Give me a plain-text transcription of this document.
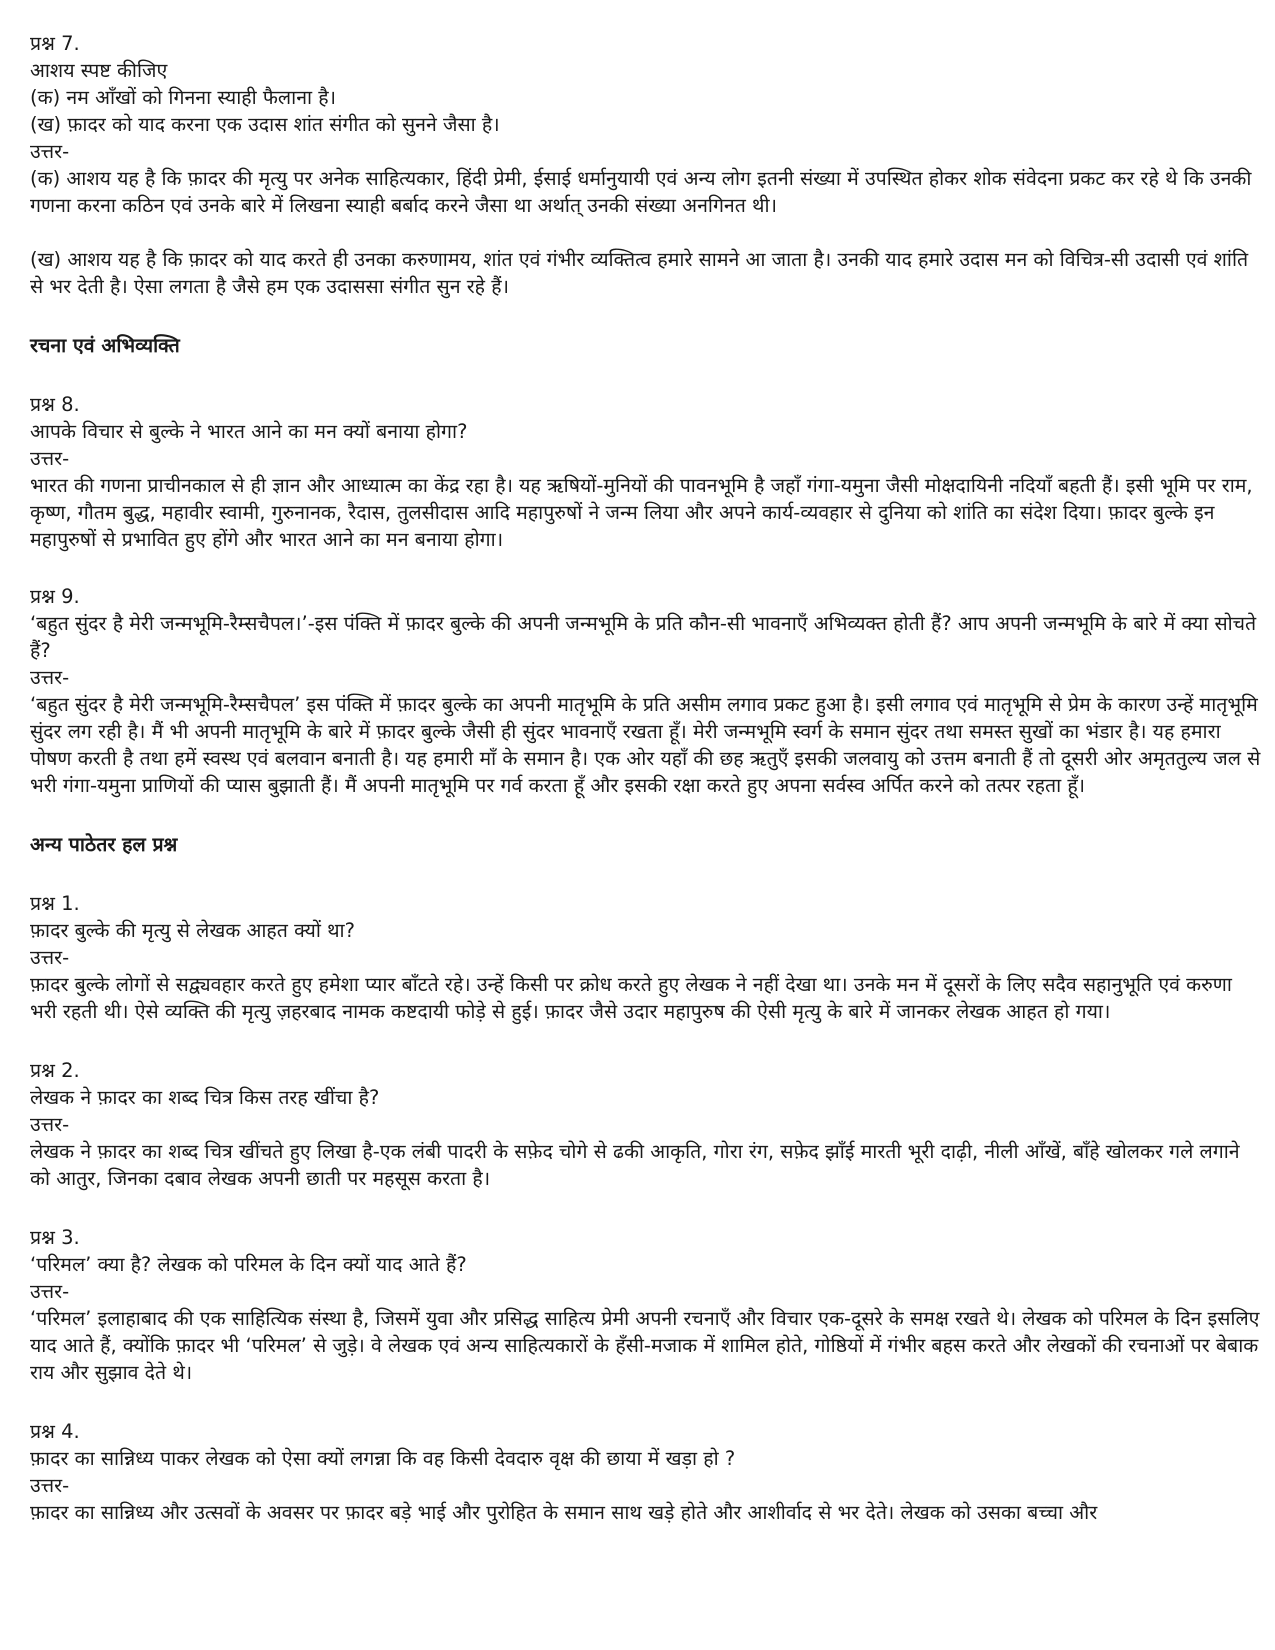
प्रश्न 7.

आशय स्पष्ट कीजिए

(क) नम आँखों को गिनना स्याही फैलाना है।

(ख) फ़ादर को याद करना एक उदास शांत संगीत को सुनने जैसा है।

उत्तर-

(क) आशय यह है कि फ़ादर की मृत्यु पर अनेक साहित्यकार, हिंदी प्रेमी, ईसाई धर्मानुयायी एवं अन्य लोग इतनी संख्या में उपस्थित होकर शोक संवेदना प्रकट कर रहे थे कि उनकी गणना करना कठिन एवं उनके बारे में लिखना स्याही बर्बाद करने जैसा था अर्थात् उनकी संख्या अनगिनत थी।

(ख) आशय यह है कि फ़ादर को याद करते ही उनका करुणामय, शांत एवं गंभीर व्यक्तित्व हमारे सामने आ जाता है। उनकी याद हमारे उदास मन को विचित्र-सी उदासी एवं शांति से भर देती है। ऐसा लगता है जैसे हम एक उदाससा संगीत सुन रहे हैं।

रचना एवं अभिव्यक्ति

प्रश्न 8.

आपके विचार से बुल्के ने भारत आने का मन क्यों बनाया होगा?

उत्तर-

भारत की गणना प्राचीनकाल से ही ज्ञान और आध्यात्म का केंद्र रहा है। यह ऋषियों-मुनियों की पावनभूमि है जहाँ गंगा-यमुना जैसी मोक्षदायिनी नदियाँ बहती हैं। इसी भूमि पर राम, कृष्ण, गौतम बुद्ध, महावीर स्वामी, गुरुनानक, रैदास, तुलसीदास आदि महापुरुषों ने जन्म लिया और अपने कार्य-व्यवहार से दुनिया को शांति का संदेश दिया। फ़ादर बुल्के इन महापुरुषों से प्रभावित हुए होंगे और भारत आने का मन बनाया होगा।

प्रश्न 9.

‘बहुत सुंदर है मेरी जन्मभूमि-रैम्सचैपल।’-इस पंक्ति में फ़ादर बुल्के की अपनी जन्मभूमि के प्रति कौन-सी भावनाएँ अभिव्यक्त होती हैं? आप अपनी जन्मभूमि के बारे में क्या सोचते हैं?

उत्तर-

‘बहुत सुंदर है मेरी जन्मभूमि-रैम्सचैपल’ इस पंक्ति में फ़ादर बुल्के का अपनी मातृभूमि के प्रति असीम लगाव प्रकट हुआ है। इसी लगाव एवं मातृभूमि से प्रेम के कारण उन्हें मातृभूमि सुंदर लग रही है। मैं भी अपनी मातृभूमि के बारे में फ़ादर बुल्के जैसी ही सुंदर भावनाएँ रखता हूँ। मेरी जन्मभूमि स्वर्ग के समान सुंदर तथा समस्त सुखों का भंडार है। यह हमारा पोषण करती है तथा हमें स्वस्थ एवं बलवान बनाती है। यह हमारी माँ के समान है। एक ओर यहाँ की छह ऋतुएँ इसकी जलवायु को उत्तम बनाती हैं तो दूसरी ओर अमृततुल्य जल से भरी गंगा-यमुना प्राणियों की प्यास बुझाती हैं। मैं अपनी मातृभूमि पर गर्व करता हूँ और इसकी रक्षा करते हुए अपना सर्वस्व अर्पित करने को तत्पर रहता हूँ।

अन्य पाठेतर हल प्रश्न

प्रश्न 1.

फ़ादर बुल्के की मृत्यु से लेखक आहत क्यों था?

उत्तर-

फ़ादर बुल्के लोगों से सद्व्यवहार करते हुए हमेशा प्यार बाँटते रहे। उन्हें किसी पर क्रोध करते हुए लेखक ने नहीं देखा था। उनके मन में दूसरों के लिए सदैव सहानुभूति एवं करुणा भरी रहती थी। ऐसे व्यक्ति की मृत्यु ज़हरबाद नामक कष्टदायी फोड़े से हुई। फ़ादर जैसे उदार महापुरुष की ऐसी मृत्यु के बारे में जानकर लेखक आहत हो गया।

प्रश्न 2.

लेखक ने फ़ादर का शब्द चित्र किस तरह खींचा है?

उत्तर-

लेखक ने फ़ादर का शब्द चित्र खींचते हुए लिखा है-एक लंबी पादरी के सफ़ेद चोगे से ढकी आकृति, गोरा रंग, सफ़ेद झाँई मारती भूरी दाढ़ी, नीली आँखें, बाँहे खोलकर गले लगाने को आतुर, जिनका दबाव लेखक अपनी छाती पर महसूस करता है।

प्रश्न 3.

‘परिमल’ क्या है? लेखक को परिमल के दिन क्यों याद आते हैं?

उत्तर-

‘परिमल’ इलाहाबाद की एक साहित्यिक संस्था है, जिसमें युवा और प्रसिद्ध साहित्य प्रेमी अपनी रचनाएँ और विचार एक-दूसरे के समक्ष रखते थे। लेखक को परिमल के दिन इसलिए याद आते हैं, क्योंकि फ़ादर भी ‘परिमल’ से जुड़े। वे लेखक एवं अन्य साहित्यकारों के हँसी-मजाक में शामिल होते, गोष्ठियों में गंभीर बहस करते और लेखकों की रचनाओं पर बेबाक राय और सुझाव देते थे।

प्रश्न 4.

फ़ादर का सान्निध्य पाकर लेखक को ऐसा क्यों लगन्ना कि वह किसी देवदारु वृक्ष की छाया में खड़ा हो ?

उत्तर-

फ़ादर का सान्निध्य और उत्सवों के अवसर पर फ़ादर बड़े भाई और पुरोहित के समान साथ खड़े होते और आशीर्वाद से भर देते। लेखक को उसका बच्चा और
